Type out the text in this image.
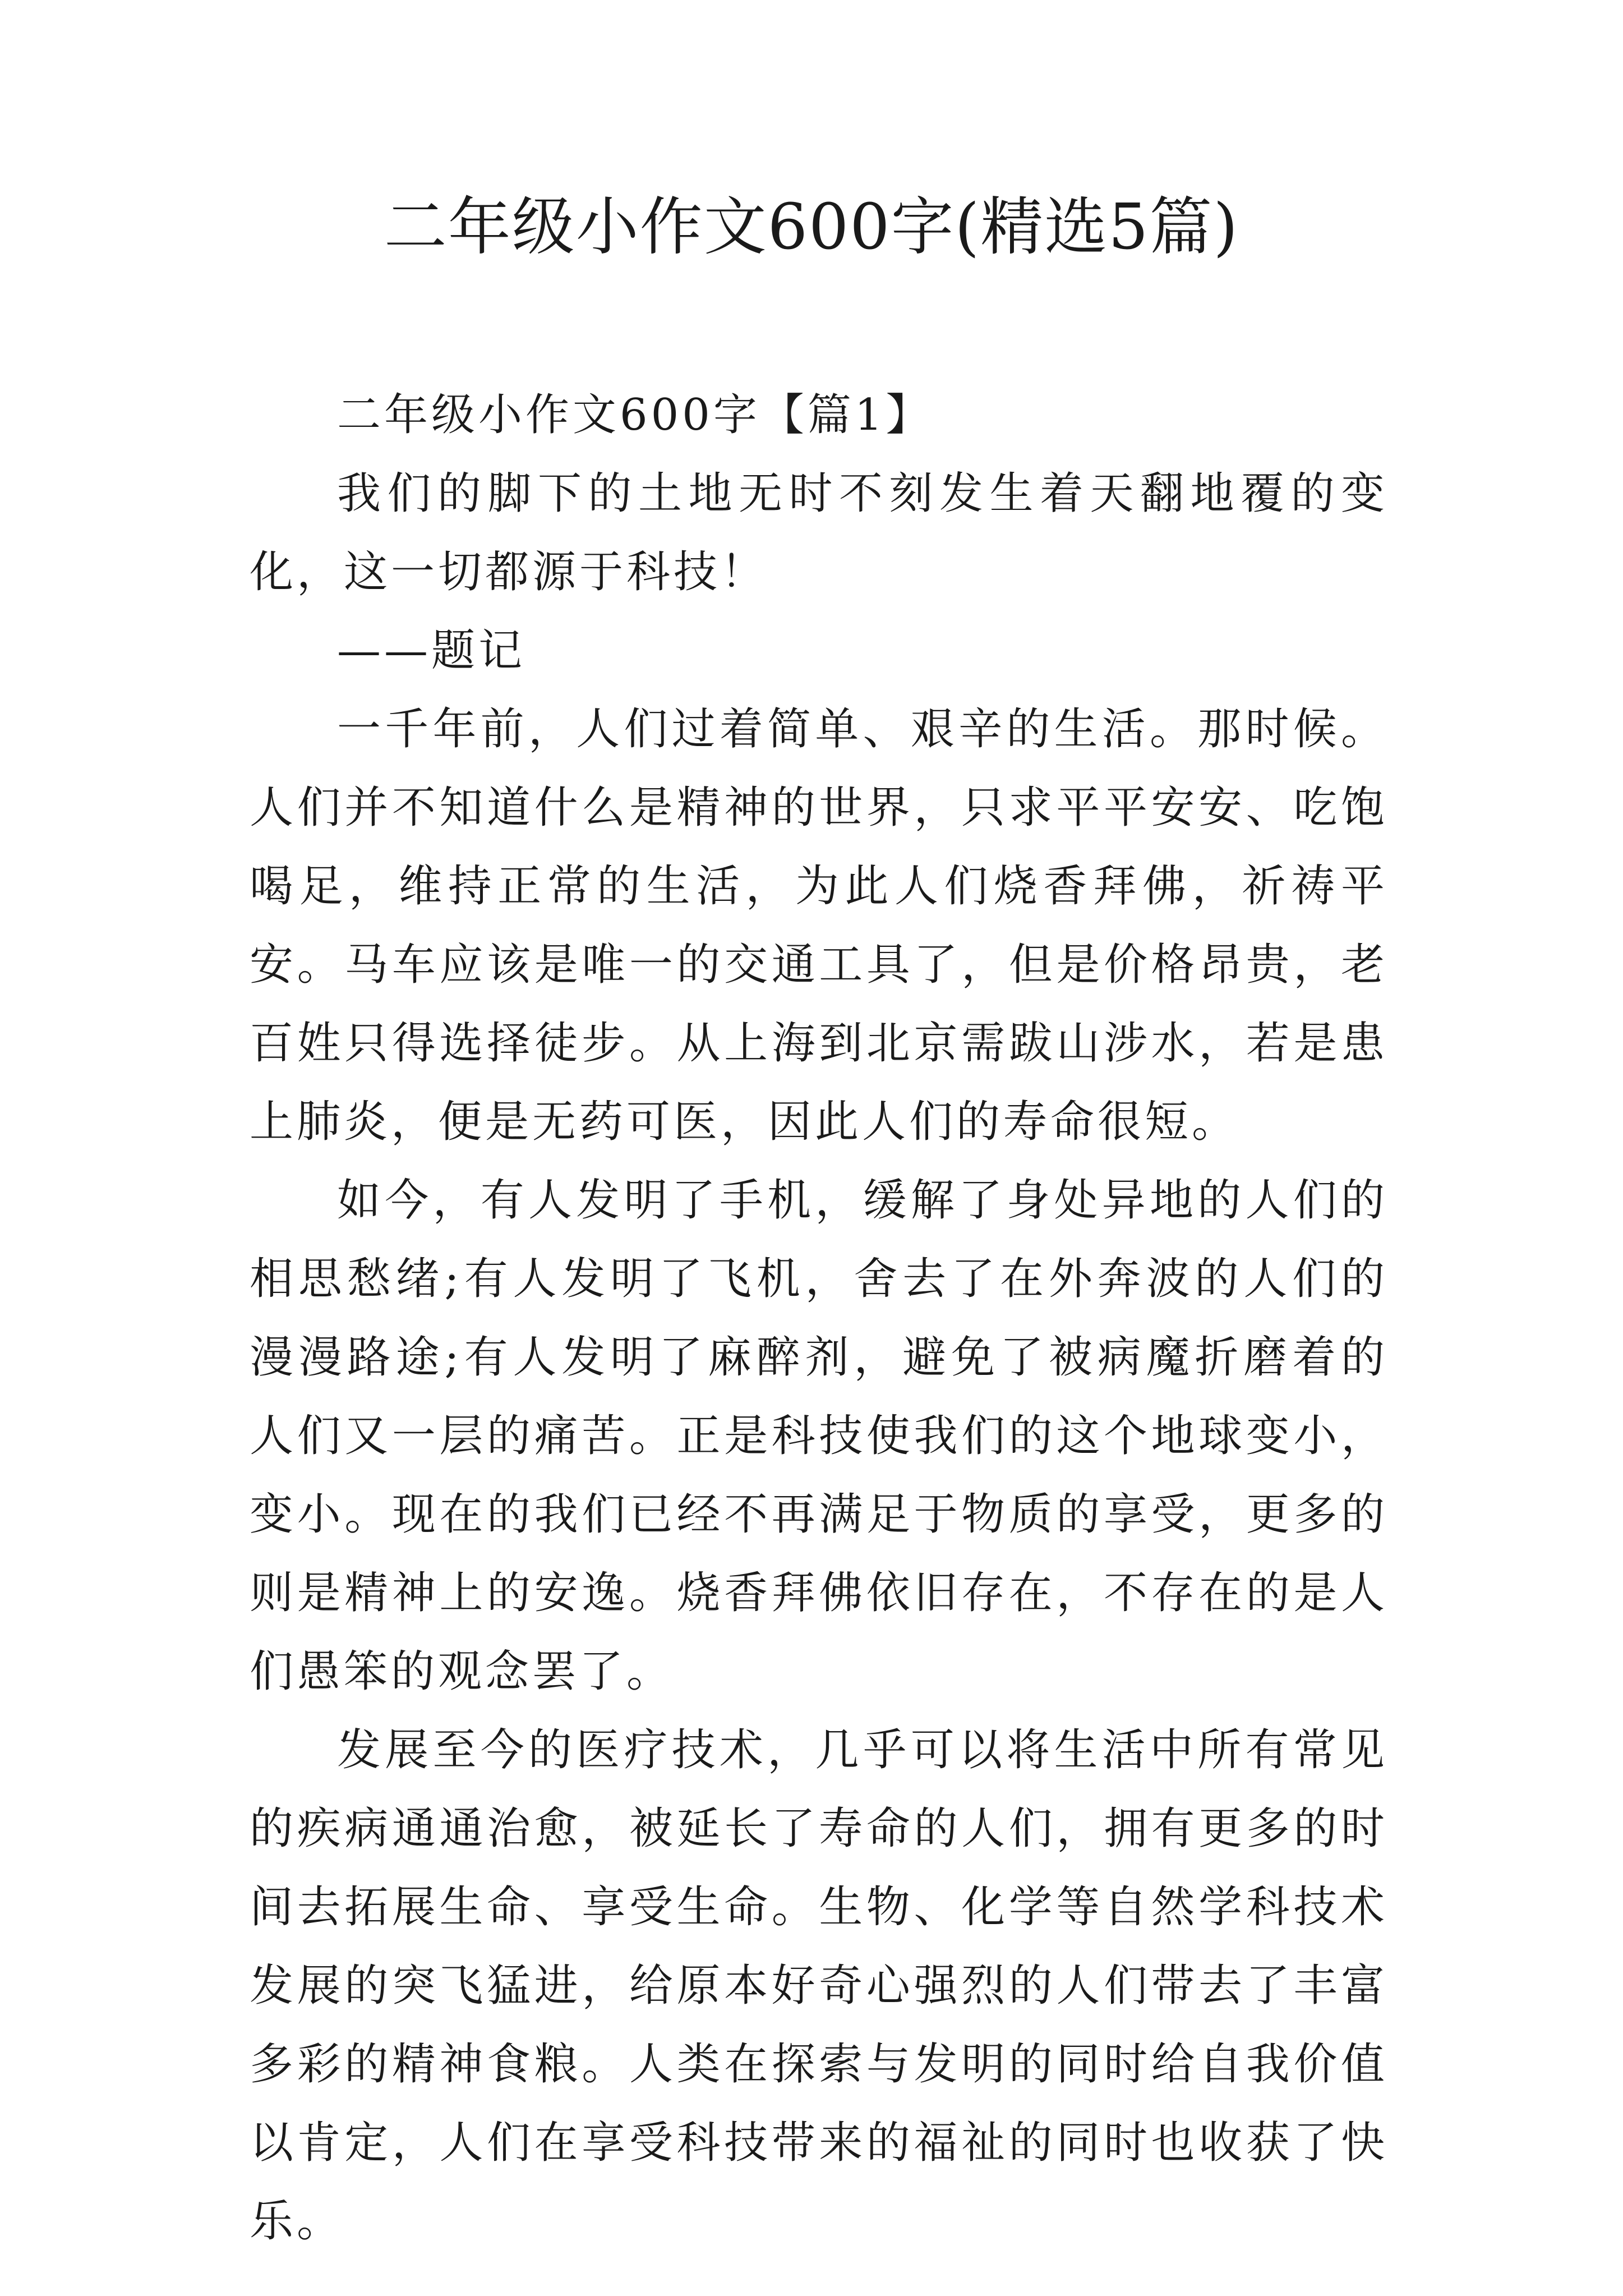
二年级小作文600字(精选5篇)

二年级小作文600字【篇1】

我们的脚下的土地无时不刻发生着天翻地覆的变化，这一切都源于科技！

——题记

一千年前，人们过着简单、艰辛的生活。那时候。人们并不知道什么是精神的世界，只求平平安安、吃饱喝足，维持正常的生活，为此人们烧香拜佛，祈祷平安。马车应该是唯一的交通工具了，但是价格昂贵，老百姓只得选择徒步。从上海到北京需跋山涉水，若是患上肺炎，便是无药可医，因此人们的寿命很短。

如今，有人发明了手机，缓解了身处异地的人们的相思愁绪;有人发明了飞机，舍去了在外奔波的人们的漫漫路途;有人发明了麻醉剂，避免了被病魔折磨着的人们又一层的痛苦。正是科技使我们的这个地球变小，变小。现在的我们已经不再满足于物质的享受，更多的则是精神上的安逸。烧香拜佛依旧存在，不存在的是人们愚笨的观念罢了。

发展至今的医疗技术，几乎可以将生活中所有常见的疾病通通治愈，被延长了寿命的人们，拥有更多的时间去拓展生命、享受生命。生物、化学等自然学科技术发展的突飞猛进，给原本好奇心强烈的人们带去了丰富多彩的精神食粮。人类在探索与发明的同时给自我价值以肯定，人们在享受科技带来的福祉的同时也收获了快乐。
